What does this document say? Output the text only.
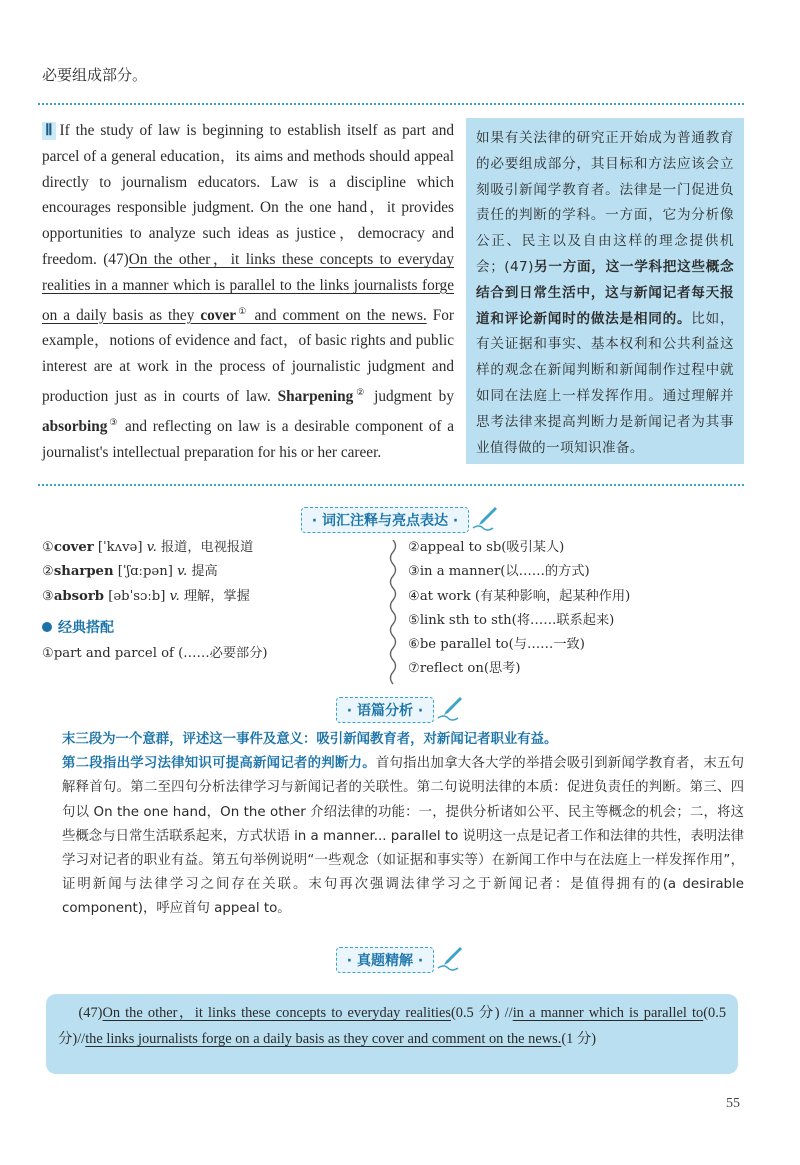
必要组成部分。
Ⅱ If the study of law is beginning to establish itself as part and parcel of a general education，its aims and methods should appeal directly to journalism educators. Law is a discipline which encourages responsible judgment. On the one hand，it provides opportunities to analyze such ideas as justice，democracy and freedom. (47)On the other，it links these concepts to everyday realities in a manner which is parallel to the links journalists forge on a daily basis as they cover① and comment on the news. For example，notions of evidence and fact，of basic rights and public interest are at work in the process of journalistic judgment and production just as in courts of law. Sharpening② judgment by absorbing③ and reflecting on law is a desirable component of a journalist's intellectual preparation for his or her career.
如果有关法律的研究正开始成为普通教育的必要组成部分，其目标和方法应该会立刻吸引新闻学教育者。法律是一门促进负责任的判断的学科。一方面，它为分析像公正、民主以及自由这样的理念提供机会；(47)另一方面，这一学科把这些概念结合到日常生活中，这与新闻记者每天报道和评论新闻时的做法是相同的。比如，有关证据和事实、基本权利和公共利益这样的观念在新闻判断和新闻制作过程中就如同在法庭上一样发挥作用。通过理解并思考法律来提高判断力是新闻记者为其事业值得做的一项知识准备。
· 词汇注释与亮点表达 ·
①cover [ˈkʌvə] v. 报道，电视报道
②sharpen [ˈʃɑːpən] v. 提高
③absorb [əbˈsɔːb] v. 理解，掌握
②appeal to sb(吸引某人)
③in a manner(以……的方式)
④at work (有某种影响，起某种作用)
⑤link sth to sth(将……联系起来)
⑥be parallel to(与……一致)
⑦reflect on(思考)
经典搭配
①part and parcel of (……必要部分)
· 语篇分析 ·

末三段为一个意群，评述这一事件及意义：吸引新闻教育者，对新闻记者职业有益。

第二段指出学习法律知识可提高新闻记者的判断力。首句指出加拿大各大学的举措会吸引到新闻学教育者，末五句解释首句。第二至四句分析法律学习与新闻记者的关联性。第二句说明法律的本质：促进负责任的判断。第三、四句以 On the one hand，On the other 介绍法律的功能：一，提供分析诸如公平、民主等概念的机会；二，将这些概念与日常生活联系起来，方式状语 in a manner... parallel to 说明这一点是记者工作和法律的共性，表明法律学习对记者的职业有益。第五句举例说明“一些观念（如证据和事实等）在新闻工作中与在法庭上一样发挥作用”，证明新闻与法律学习之间存在关联。末句再次强调法律学习之于新闻记者：是值得拥有的(a desirable component)，呼应首句 appeal to。

· 真题精解 ·
(47)On the other，it links these concepts to everyday realities(0.5 分) //in a manner which is parallel to(0.5 分)//the links journalists forge on a daily basis as they cover and comment on the news.(1 分)
55
